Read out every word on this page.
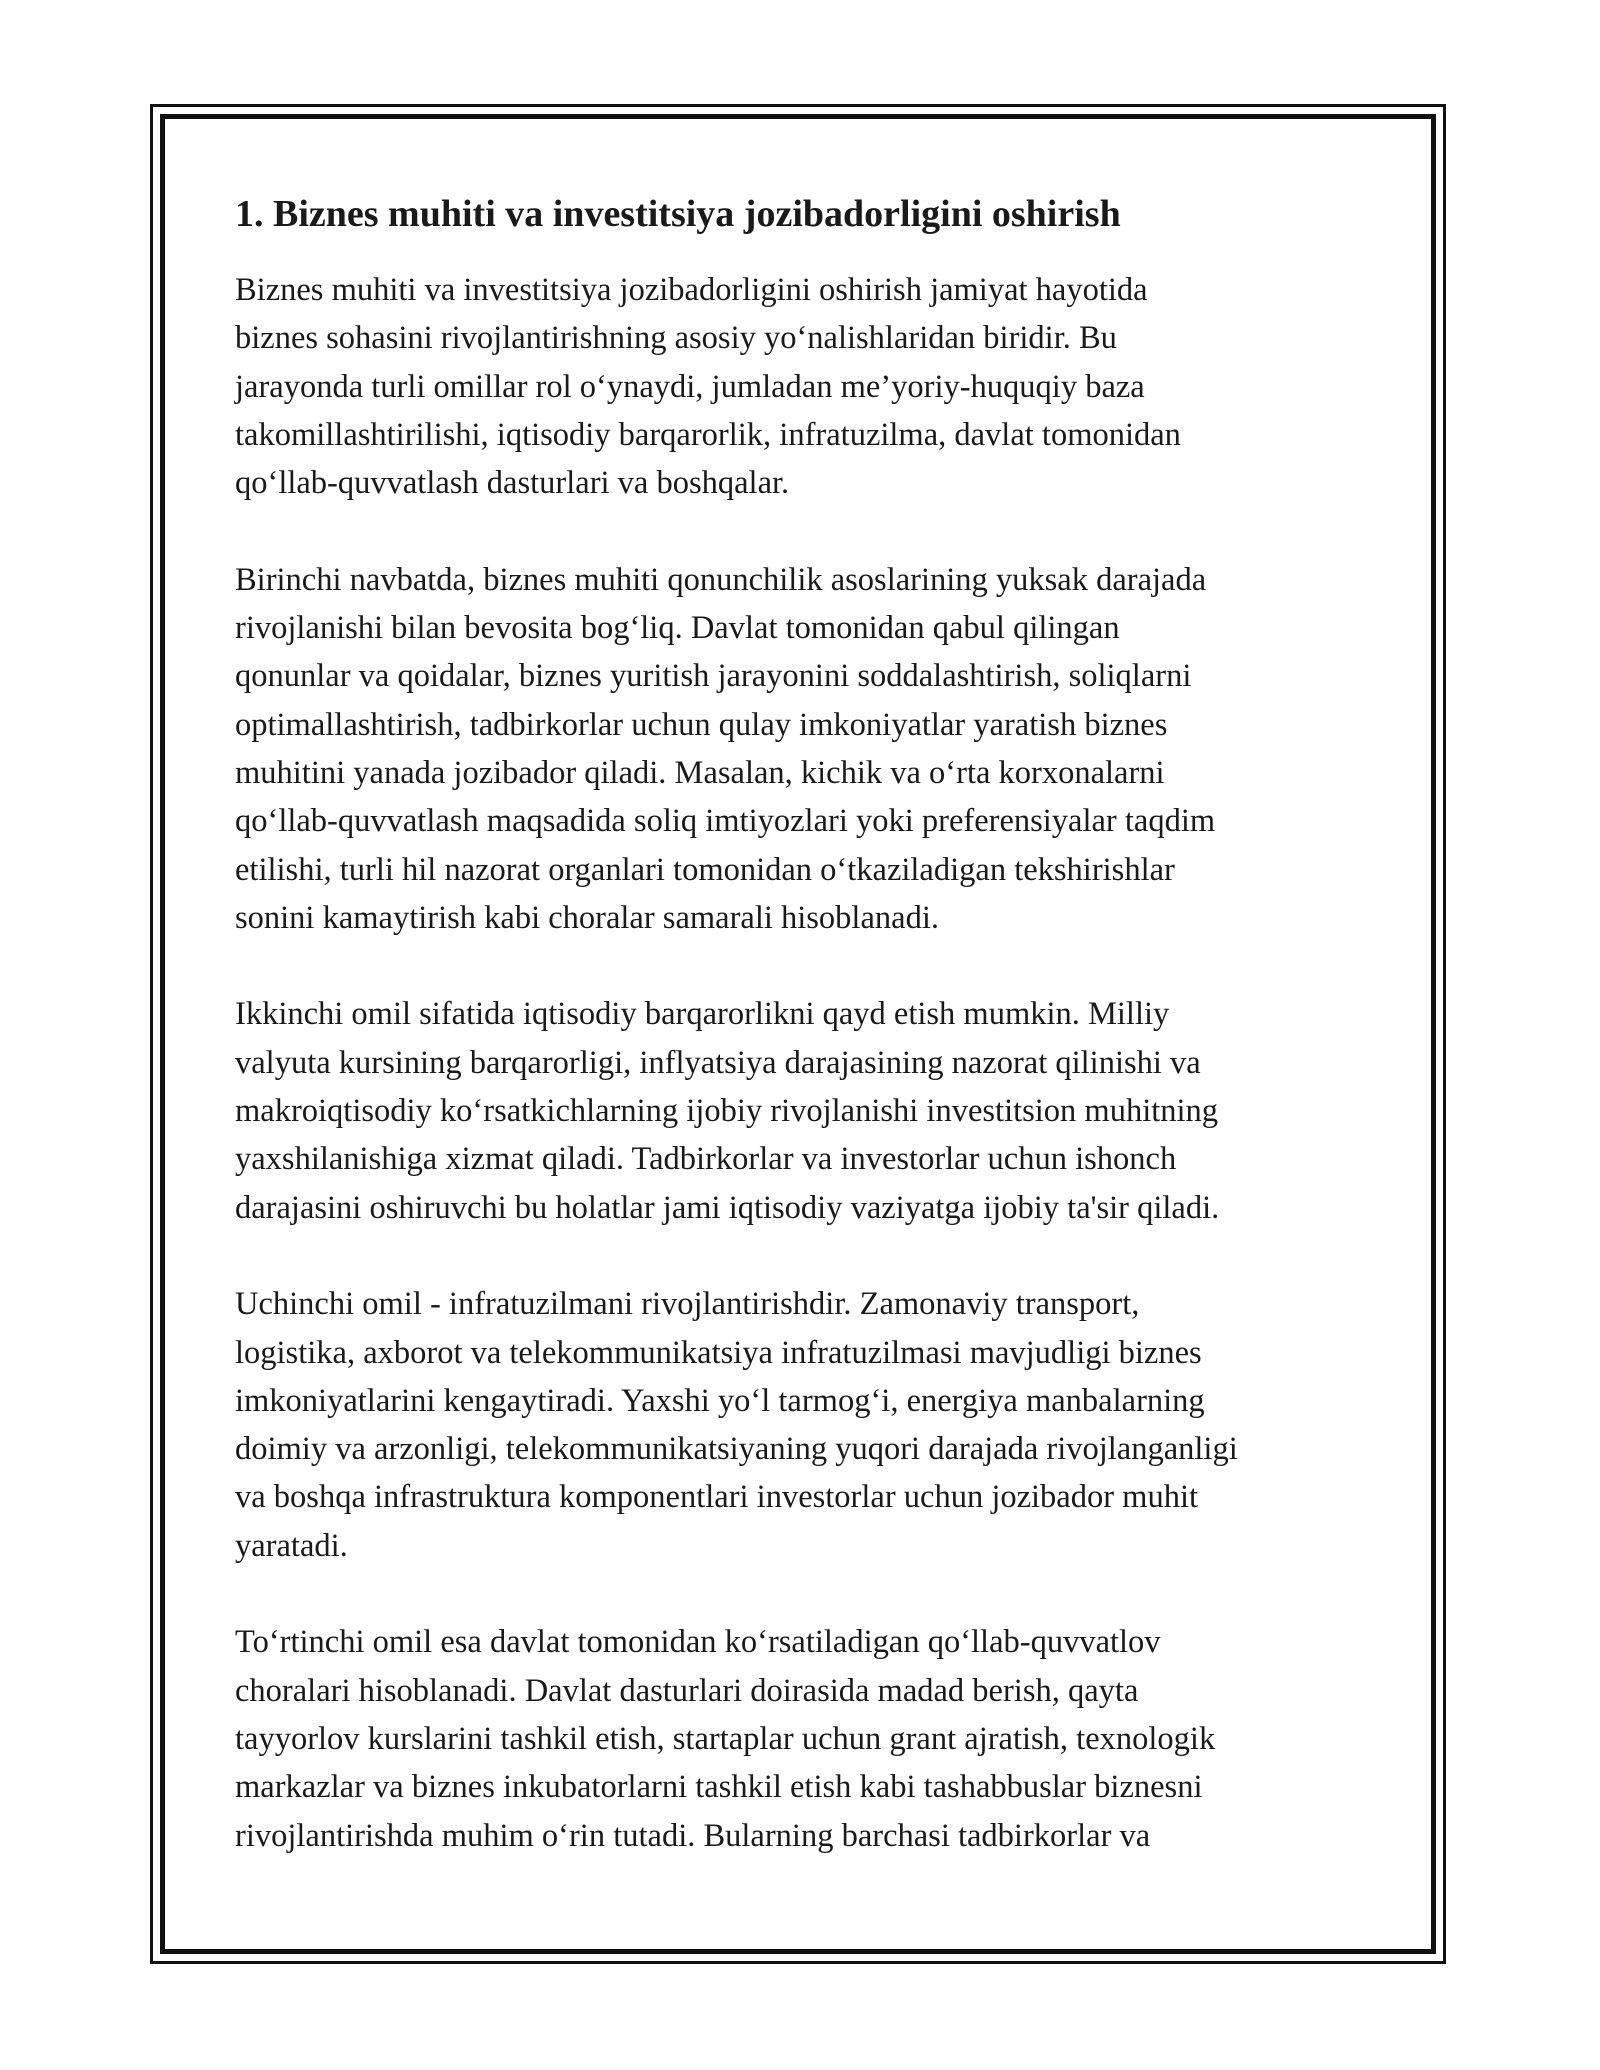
1. Biznes muhiti va investitsiya jozibadorligini oshirish

Biznes muhiti va investitsiya jozibadorligini oshirish jamiyat hayotida
biznes sohasini rivojlantirishning asosiy yo‘nalishlaridan biridir. Bu
jarayonda turli omillar rol o‘ynaydi, jumladan me’yoriy-huquqiy baza
takomillashtirilishi, iqtisodiy barqarorlik, infratuzilma, davlat tomonidan
qo‘llab-quvvatlash dasturlari va boshqalar.

Birinchi navbatda, biznes muhiti qonunchilik asoslarining yuksak darajada
rivojlanishi bilan bevosita bog‘liq. Davlat tomonidan qabul qilingan
qonunlar va qoidalar, biznes yuritish jarayonini soddalashtirish, soliqlarni
optimallashtirish, tadbirkorlar uchun qulay imkoniyatlar yaratish biznes
muhitini yanada jozibador qiladi. Masalan, kichik va o‘rta korxonalarni
qo‘llab-quvvatlash maqsadida soliq imtiyozlari yoki preferensiyalar taqdim
etilishi, turli hil nazorat organlari tomonidan o‘tkaziladigan tekshirishlar
sonini kamaytirish kabi choralar samarali hisoblanadi.

Ikkinchi omil sifatida iqtisodiy barqarorlikni qayd etish mumkin. Milliy
valyuta kursining barqarorligi, inflyatsiya darajasining nazorat qilinishi va
makroiqtisodiy ko‘rsatkichlarning ijobiy rivojlanishi investitsion muhitning
yaxshilanishiga xizmat qiladi. Tadbirkorlar va investorlar uchun ishonch
darajasini oshiruvchi bu holatlar jami iqtisodiy vaziyatga ijobiy ta'sir qiladi.

Uchinchi omil - infratuzilmani rivojlantirishdir. Zamonaviy transport,
logistika, axborot va telekommunikatsiya infratuzilmasi mavjudligi biznes
imkoniyatlarini kengaytiradi. Yaxshi yo‘l tarmog‘i, energiya manbalarning
doimiy va arzonligi, telekommunikatsiyaning yuqori darajada rivojlanganligi
va boshqa infrastruktura komponentlari investorlar uchun jozibador muhit
yaratadi.

To‘rtinchi omil esa davlat tomonidan ko‘rsatiladigan qo‘llab-quvvatlov
choralari hisoblanadi. Davlat dasturlari doirasida madad berish, qayta
tayyorlov kurslarini tashkil etish, startaplar uchun grant ajratish, texnologik
markazlar va biznes inkubatorlarni tashkil etish kabi tashabbuslar biznesni
rivojlantirishda muhim o‘rin tutadi. Bularning barchasi tadbirkorlar va
